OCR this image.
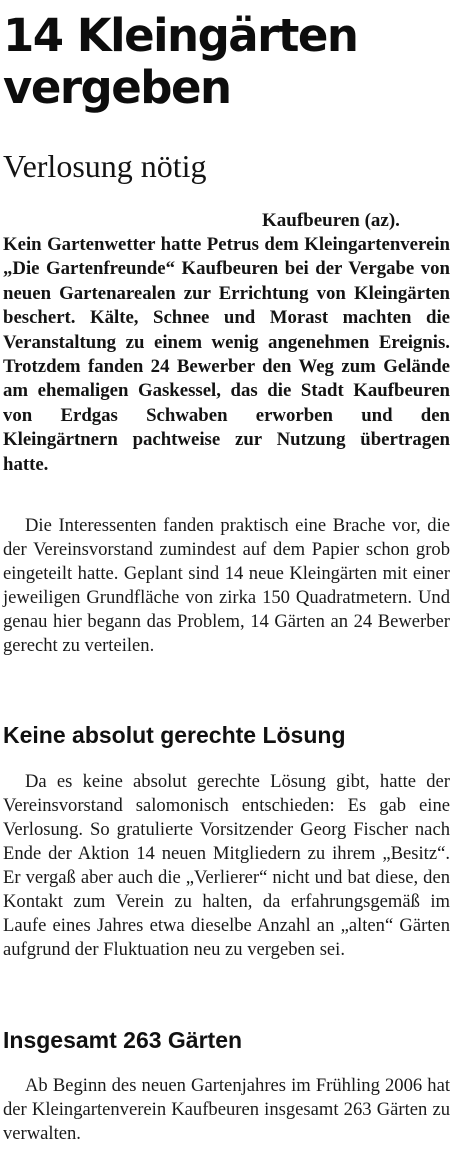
14 Kleingärten vergeben
Verlosung nötig

Kaufbeuren (az).

Kein Gartenwetter hatte Petrus dem Kleingartenverein „Die Gartenfreunde“ Kaufbeuren bei der Vergabe von neuen Gartenarealen zur Errichtung von Kleingärten beschert. Kälte, Schnee und Morast machten die Veranstaltung zu einem wenig angenehmen Ereignis. Trotzdem fanden 24 Bewerber den Weg zum Gelände am ehemaligen Gaskessel, das die Stadt Kaufbeuren von Erdgas Schwaben erworben und den Kleingärtnern pachtweise zur Nutzung übertragen hatte.

Die Interessenten fanden praktisch eine Brache vor, die der Vereinsvorstand zumindest auf dem Papier schon grob eingeteilt hatte. Geplant sind 14 neue Kleingärten mit einer jeweiligen Grundfläche von zirka 150 Quadratmetern. Und genau hier begann das Problem, 14 Gärten an 24 Bewerber gerecht zu verteilen.

Keine absolut gerechte Lösung

Da es keine absolut gerechte Lösung gibt, hatte der Vereinsvorstand salomonisch entschieden: Es gab eine Verlosung. So gratulierte Vorsitzender Georg Fischer nach Ende der Aktion 14 neuen Mitgliedern zu ihrem „Besitz“. Er vergaß aber auch die „Verlierer“ nicht und bat diese, den Kontakt zum Verein zu halten, da erfahrungsgemäß im Laufe eines Jahres etwa dieselbe Anzahl an „alten“ Gärten aufgrund der Fluktuation neu zu vergeben sei.

Insgesamt 263 Gärten

Ab Beginn des neuen Gartenjahres im Frühling 2006 hat der Kleingartenverein Kaufbeuren insgesamt 263 Gärten zu verwalten.
